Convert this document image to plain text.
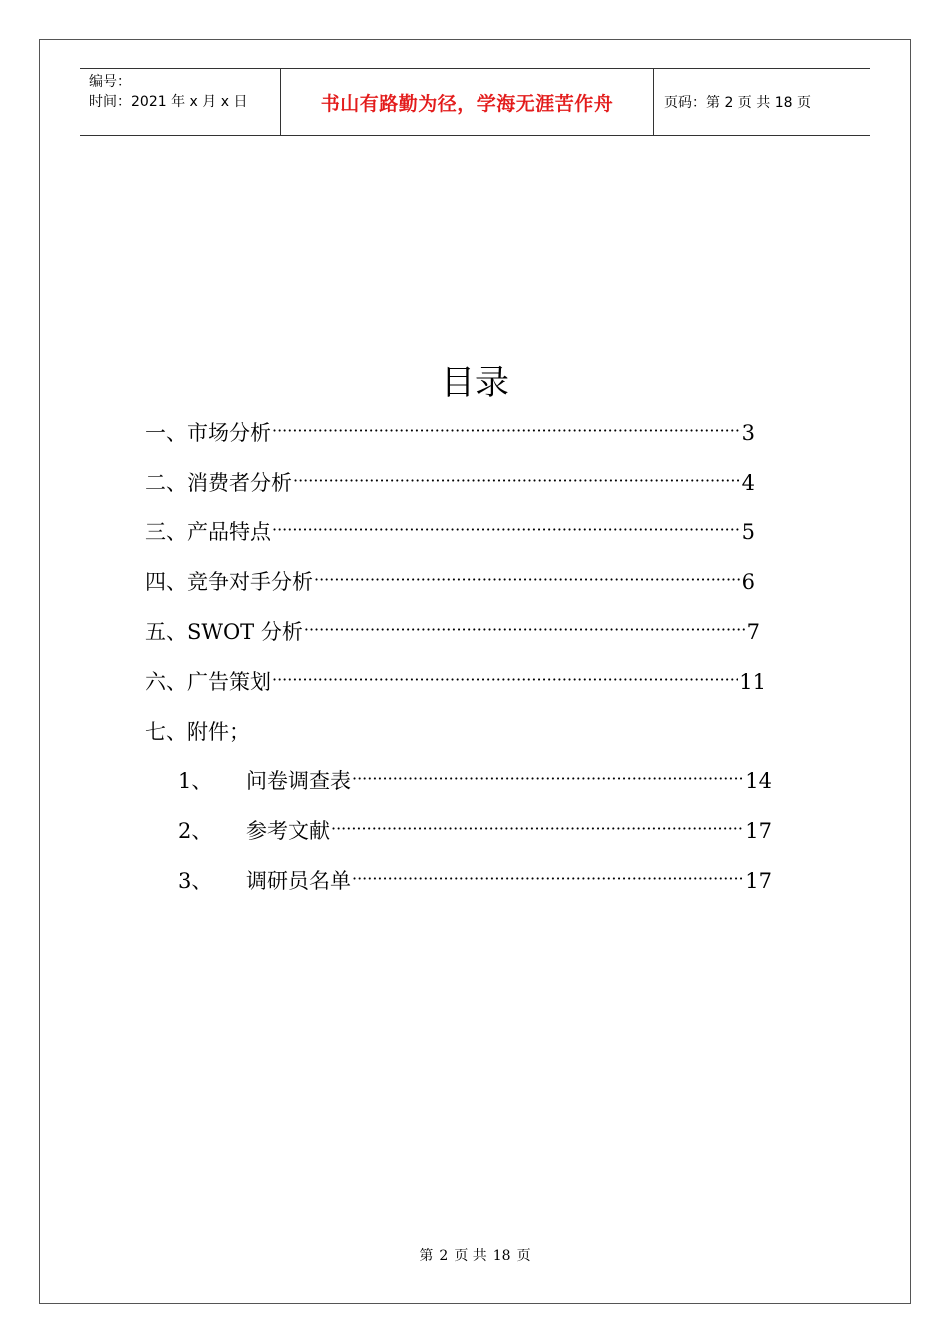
编号：
时间：2021 年 x 月 x 日	书山有路勤为径，学海无涯苦作舟	页码：第 2 页 共 18 页
目录
一、 市场分析 ·····	3
二、 消费者分析 ·····	4
三、 产品特点 ·····	5
四、 竞争对手分析 ·····	6
五、 SWOT 分析 ·····	7
六、 广告策划 ·····	11
七、 附件；
1、	问卷调查表 ·····	14
2、	参考文献 ·····	17
3、	调研员名单 ·····	17
第 2 页 共 18 页
